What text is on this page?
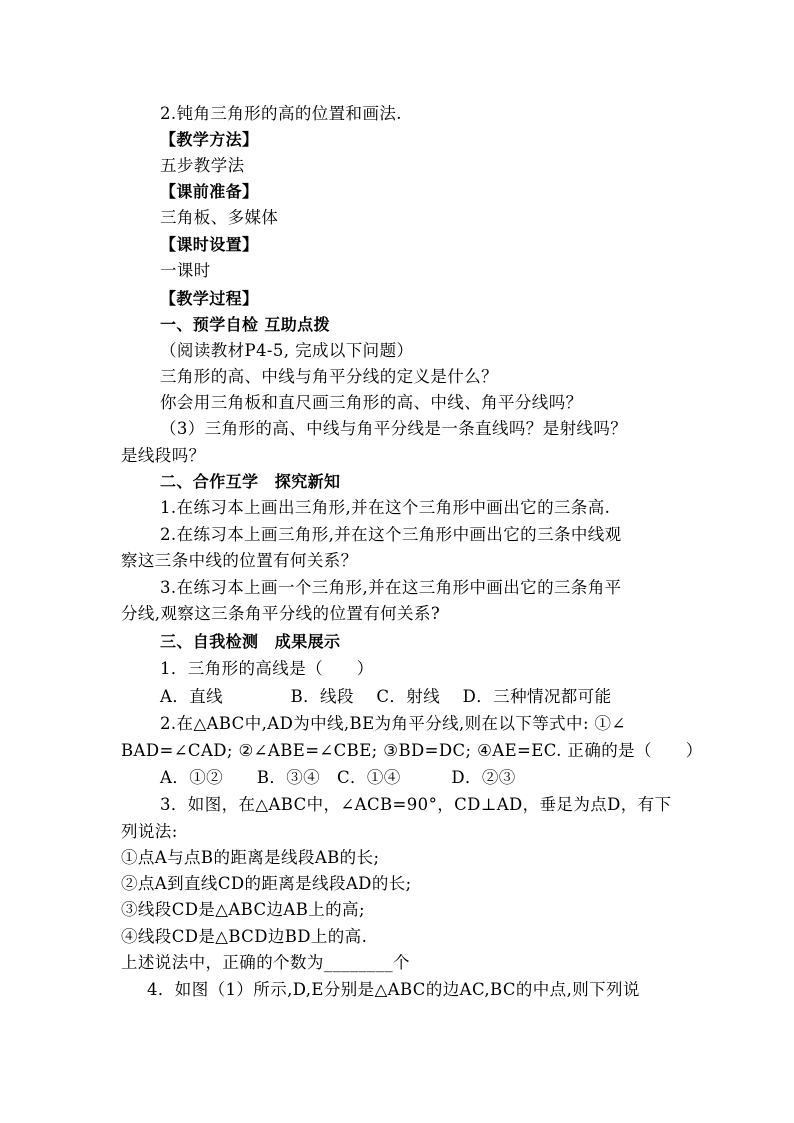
2.钝角三角形的高的位置和画法.
【教学方法】
五步教学法
【课前准备】
三角板、多媒体
【课时设置】
一课时
【教学过程】
一、预学自检 互助点拨
（阅读教材P4-5, 完成以下问题）
三角形的高、中线与角平分线的定义是什么？
你会用三角板和直尺画三角形的高、中线、角平分线吗？
（3）三角形的高、中线与角平分线是一条直线吗？是射线吗？
是线段吗？
二、合作互学　探究新知
1.在练习本上画出三角形,并在这个三角形中画出它的三条高.
2.在练习本上画三角形,并在这个三角形中画出它的三条中线观
察这三条中线的位置有何关系？
3.在练习本上画一个三角形,并在这三角形中画出它的三条角平
分线,观察这三条角平分线的位置有何关系?
三、自我检测　成果展示
1．三角形的高线是（　　）
A．直线　　　　B．线段　 C．射线　 D．三种情况都可能
2.在△ABC中,AD为中线,BE为角平分线,则在以下等式中: ①∠
BAD=∠CAD; ②∠ABE=∠CBE; ③BD=DC; ④AE=EC. 正确的是（　　）
A．①②　　B．③④　C．①④　　　D．②③
3．如图，在△ABC中，∠ACB=90°，CD⊥AD，垂足为点D，有下
列说法:
①点A与点B的距离是线段AB的长;
②点A到直线CD的距离是线段AD的长;
③线段CD是△ABC边AB上的高;
④线段CD是△BCD边BD上的高.
上述说法中，正确的个数为________个
4．如图（1）所示,D,E分别是△ABC的边AC,BC的中点,则下列说
